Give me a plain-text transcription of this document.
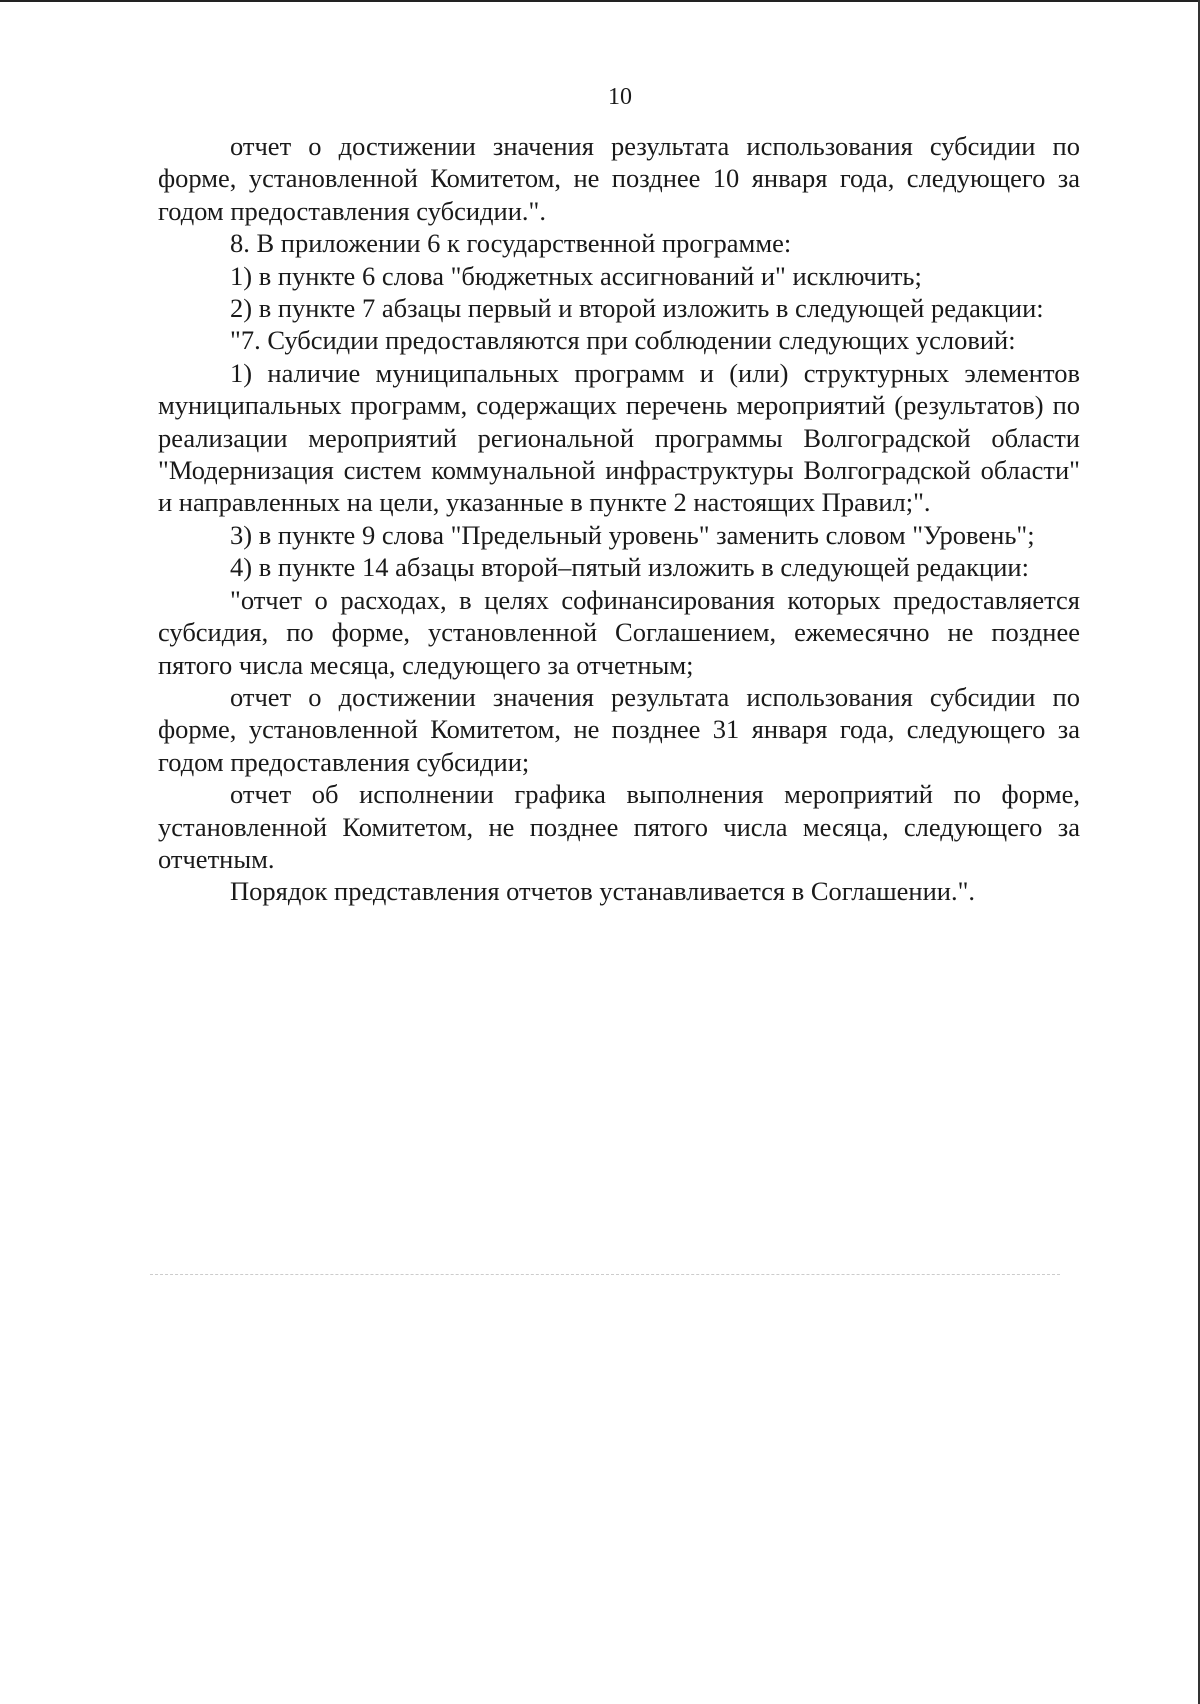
10

отчет о достижении значения результата использования субсидии по форме, установленной Комитетом, не позднее 10 января года, следующего за годом предоставления субсидии.".

8. В приложении 6 к государственной программе:

1) в пункте 6 слова "бюджетных ассигнований и" исключить;

2) в пункте 7 абзацы первый и второй изложить в следующей редакции:

"7. Субсидии предоставляются при соблюдении следующих условий:

1) наличие муниципальных программ и (или) структурных элементов муниципальных программ, содержащих перечень мероприятий (результатов) по реализации мероприятий региональной программы Волгоградской области "Модернизация систем коммунальной инфраструктуры Волгоградской области" и направленных на цели, указанные в пункте 2 настоящих Правил;".

3) в пункте 9 слова "Предельный уровень" заменить словом "Уровень";

4) в пункте 14 абзацы второй–пятый изложить в следующей редакции:

"отчет о расходах, в целях софинансирования которых предоставляется субсидия, по форме, установленной Соглашением, ежемесячно не позднее пятого числа месяца, следующего за отчетным;

отчет о достижении значения результата использования субсидии по форме, установленной Комитетом, не позднее 31 января года, следующего за годом предоставления субсидии;

отчет об исполнении графика выполнения мероприятий по форме, установленной Комитетом, не позднее пятого числа месяца, следующего за отчетным.

Порядок представления отчетов устанавливается в Соглашении.".
